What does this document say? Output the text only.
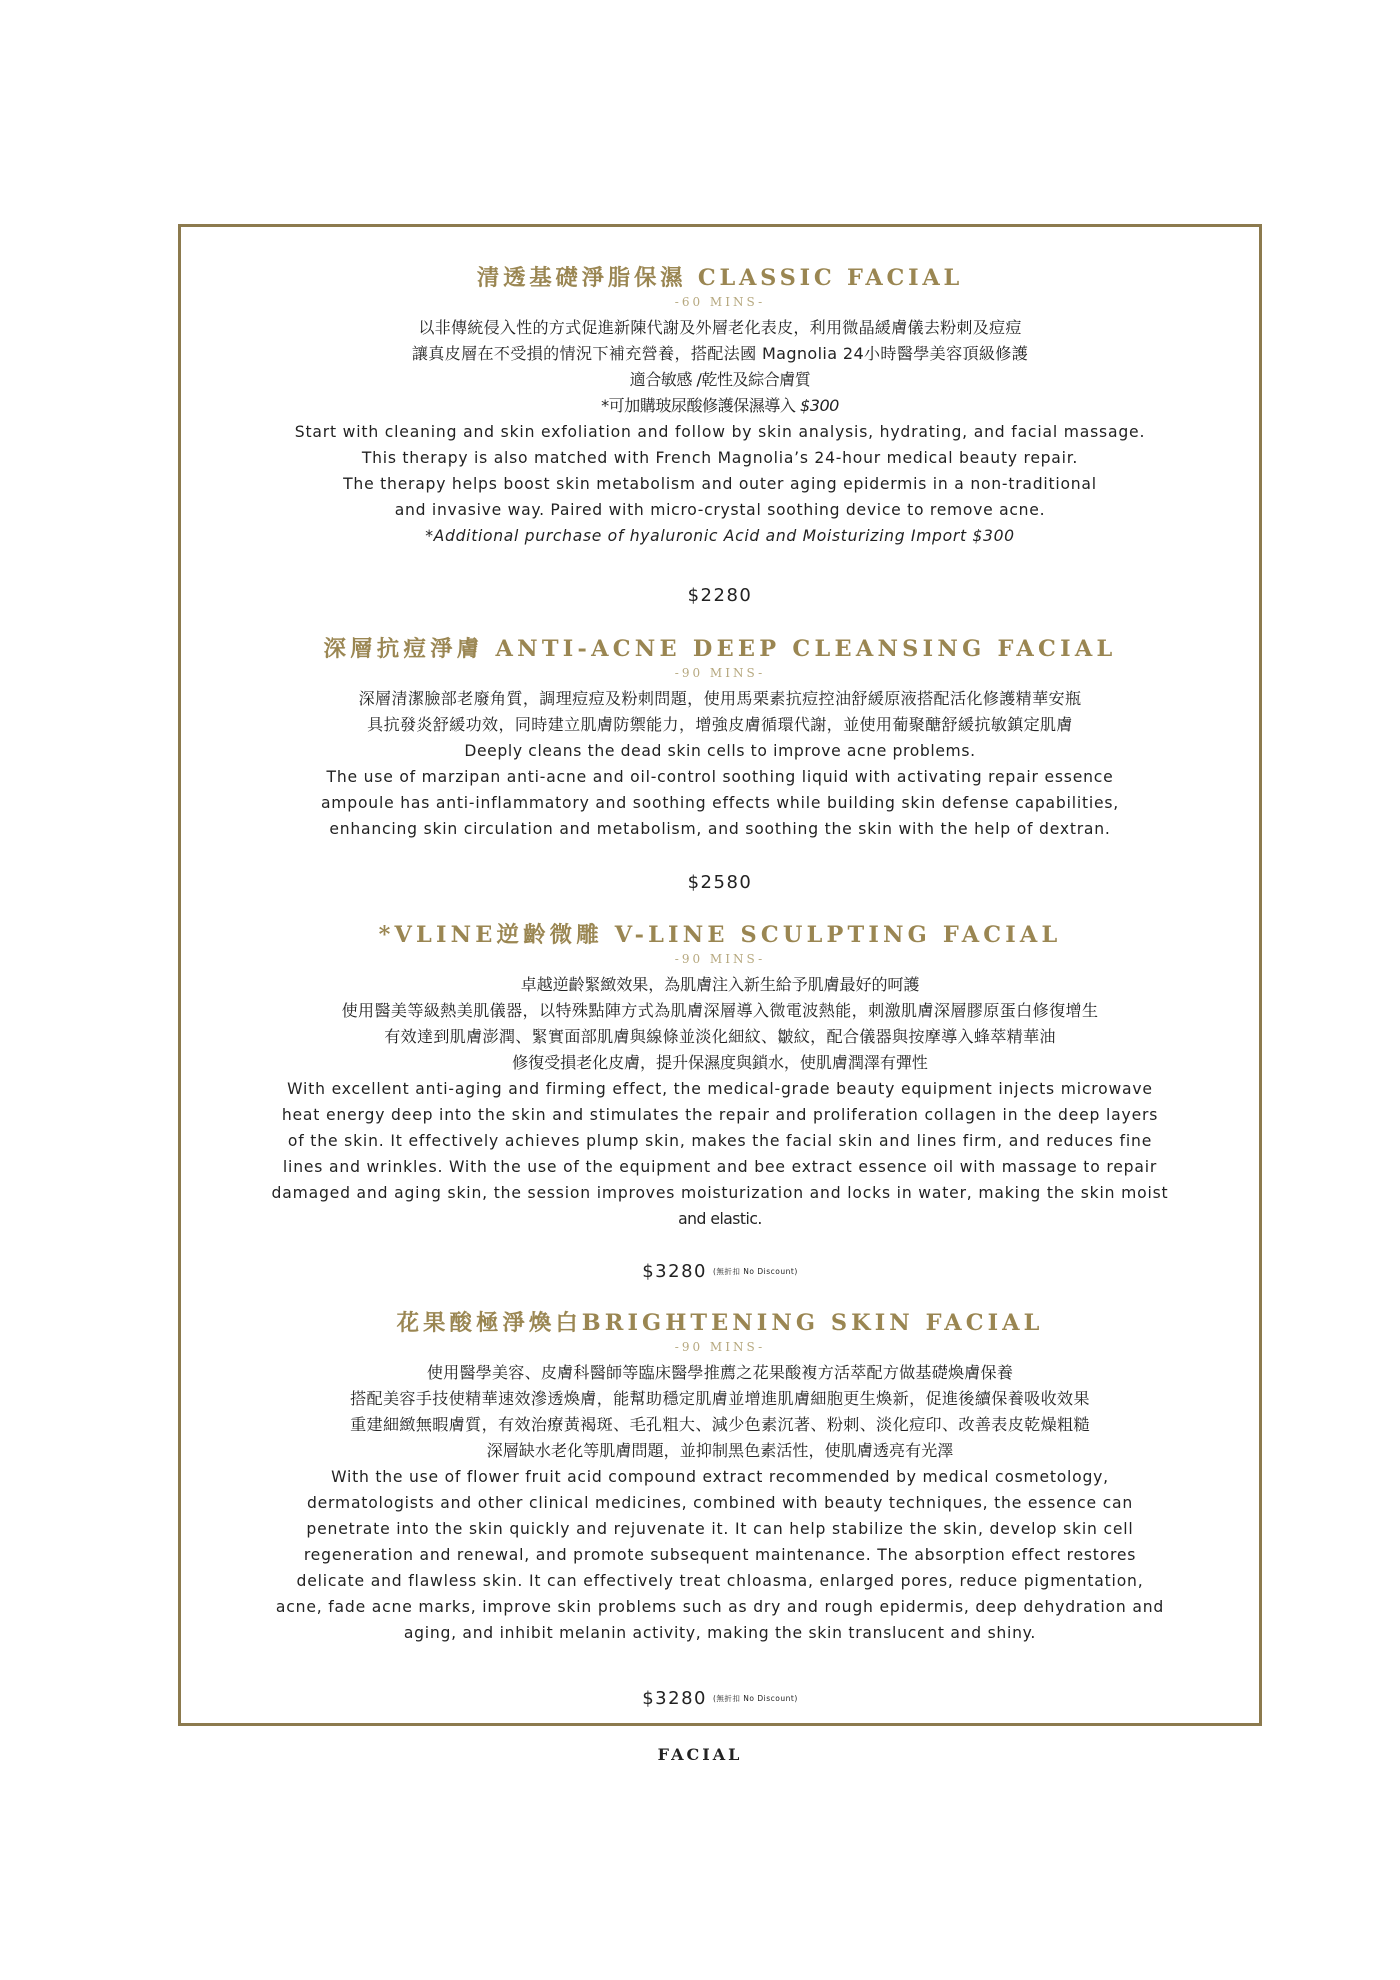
清透基礎淨脂保濕 CLASSIC FACIAL
-60 MINS-
以非傳統侵入性的方式促進新陳代謝及外層老化表皮，利用微晶緩膚儀去粉刺及痘痘
讓真皮層在不受損的情況下補充營養，搭配法國 Magnolia 24小時醫學美容頂級修護
適合敏感 /乾性及綜合膚質
*可加購玻尿酸修護保濕導入 $300
Start with cleaning and skin exfoliation and follow by skin analysis, hydrating, and facial massage.
This therapy is also matched with French Magnolia’s 24-hour medical beauty repair.
The therapy helps boost skin metabolism and outer aging epidermis in a non-traditional
and invasive way. Paired with micro-crystal soothing device to remove acne.
*Additional purchase of hyaluronic Acid and Moisturizing Import $300
$2280
深層抗痘淨膚 ANTI-ACNE DEEP CLEANSING FACIAL
-90 MINS-
深層清潔臉部老廢角質，調理痘痘及粉刺問題，使用馬栗素抗痘控油舒緩原液搭配活化修護精華安瓶
具抗發炎舒緩功效，同時建立肌膚防禦能力，增強皮膚循環代謝，並使用葡聚醣舒緩抗敏鎮定肌膚
Deeply cleans the dead skin cells to improve acne problems.
The use of marzipan anti-acne and oil-control soothing liquid with activating repair essence
ampoule has anti-inflammatory and soothing effects while building skin defense capabilities,
enhancing skin circulation and metabolism, and soothing the skin with the help of dextran.
$2580
*VLINE逆齡微雕 V-LINE SCULPTING FACIAL
-90 MINS-
卓越逆齡緊緻效果，為肌膚注入新生給予肌膚最好的呵護
使用醫美等級熱美肌儀器，以特殊點陣方式為肌膚深層導入微電波熱能，刺激肌膚深層膠原蛋白修復增生
有效達到肌膚澎潤、緊實面部肌膚與線條並淡化細紋、皺紋，配合儀器與按摩導入蜂萃精華油
修復受損老化皮膚，提升保濕度與鎖水，使肌膚潤澤有彈性
With excellent anti-aging and firming effect, the medical-grade beauty equipment injects microwave
heat energy deep into the skin and stimulates the repair and proliferation collagen in the deep layers
of the skin. It effectively achieves plump skin, makes the facial skin and lines firm, and reduces fine
lines and wrinkles. With the use of the equipment and bee extract essence oil with massage to repair
damaged and aging skin, the session improves moisturization and locks in water, making the skin moist
and elastic.
$3280 (無折扣 No Discount)
花果酸極淨煥白BRIGHTENING SKIN FACIAL
-90 MINS-
使用醫學美容、皮膚科醫師等臨床醫學推薦之花果酸複方活萃配方做基礎煥膚保養
搭配美容手技使精華速效滲透煥膚，能幫助穩定肌膚並增進肌膚細胞更生煥新，促進後續保養吸收效果
重建細緻無暇膚質，有效治療黃褐斑、毛孔粗大、減少色素沉著、粉刺、淡化痘印、改善表皮乾燥粗糙
深層缺水老化等肌膚問題，並抑制黑色素活性，使肌膚透亮有光澤
With the use of flower fruit acid compound extract recommended by medical cosmetology,
dermatologists and other clinical medicines, combined with beauty techniques, the essence can
penetrate into the skin quickly and rejuvenate it. It can help stabilize the skin, develop skin cell
regeneration and renewal, and promote subsequent maintenance. The absorption effect restores
delicate and flawless skin. It can effectively treat chloasma, enlarged pores, reduce pigmentation,
acne, fade acne marks, improve skin problems such as dry and rough epidermis, deep dehydration and
aging, and inhibit melanin activity, making the skin translucent and shiny.
$3280 (無折扣 No Discount)
FACIAL
